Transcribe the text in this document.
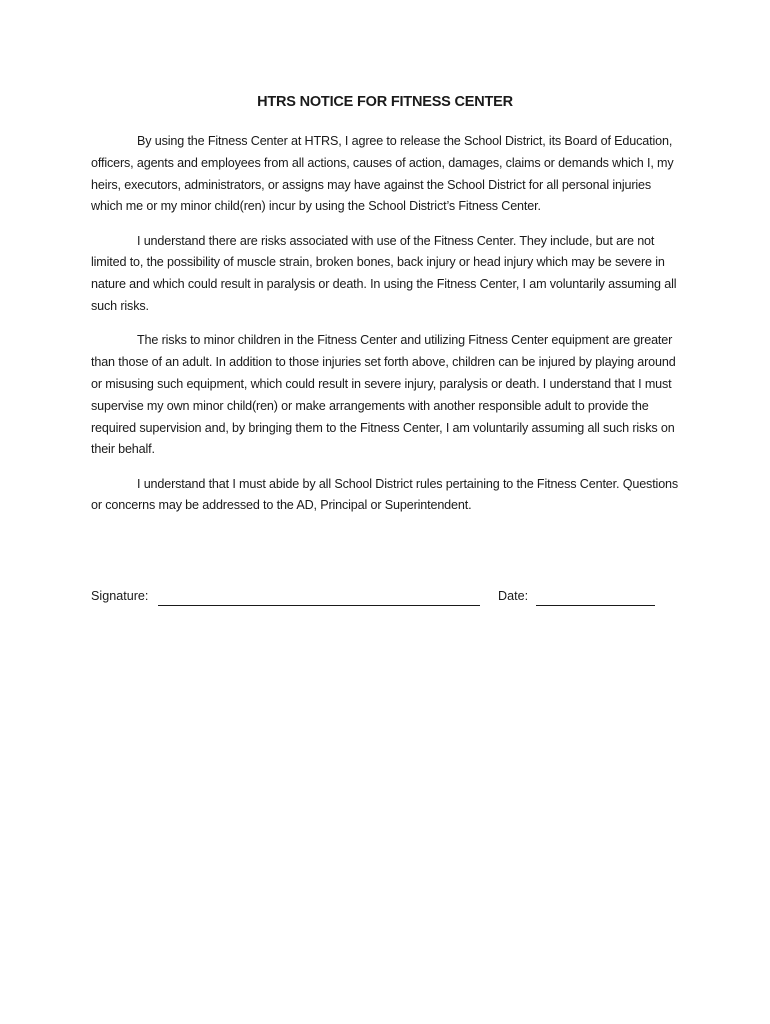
HTRS NOTICE FOR FITNESS CENTER

By using the Fitness Center at HTRS, I agree to release the School District, its Board of Education, officers, agents and employees from all actions, causes of action, damages, claims or demands which I, my heirs, executors, administrators, or assigns may have against the School District for all personal injuries which me or my minor child(ren) incur by using the School District’s Fitness Center.

I understand there are risks associated with use of the Fitness Center. They include, but are not limited to, the possibility of muscle strain, broken bones, back injury or head injury which may be severe in nature and which could result in paralysis or death. In using the Fitness Center, I am voluntarily assuming all such risks.

The risks to minor children in the Fitness Center and utilizing Fitness Center equipment are greater than those of an adult. In addition to those injuries set forth above, children can be injured by playing around or misusing such equipment, which could result in severe injury, paralysis or death. I understand that I must supervise my own minor child(ren) or make arrangements with another responsible adult to provide the required supervision and, by bringing them to the Fitness Center, I am voluntarily assuming all such risks on their behalf.

I understand that I must abide by all School District rules pertaining to the Fitness Center. Questions or concerns may be addressed to the AD, Principal or Superintendent.

Signature:	Date:
